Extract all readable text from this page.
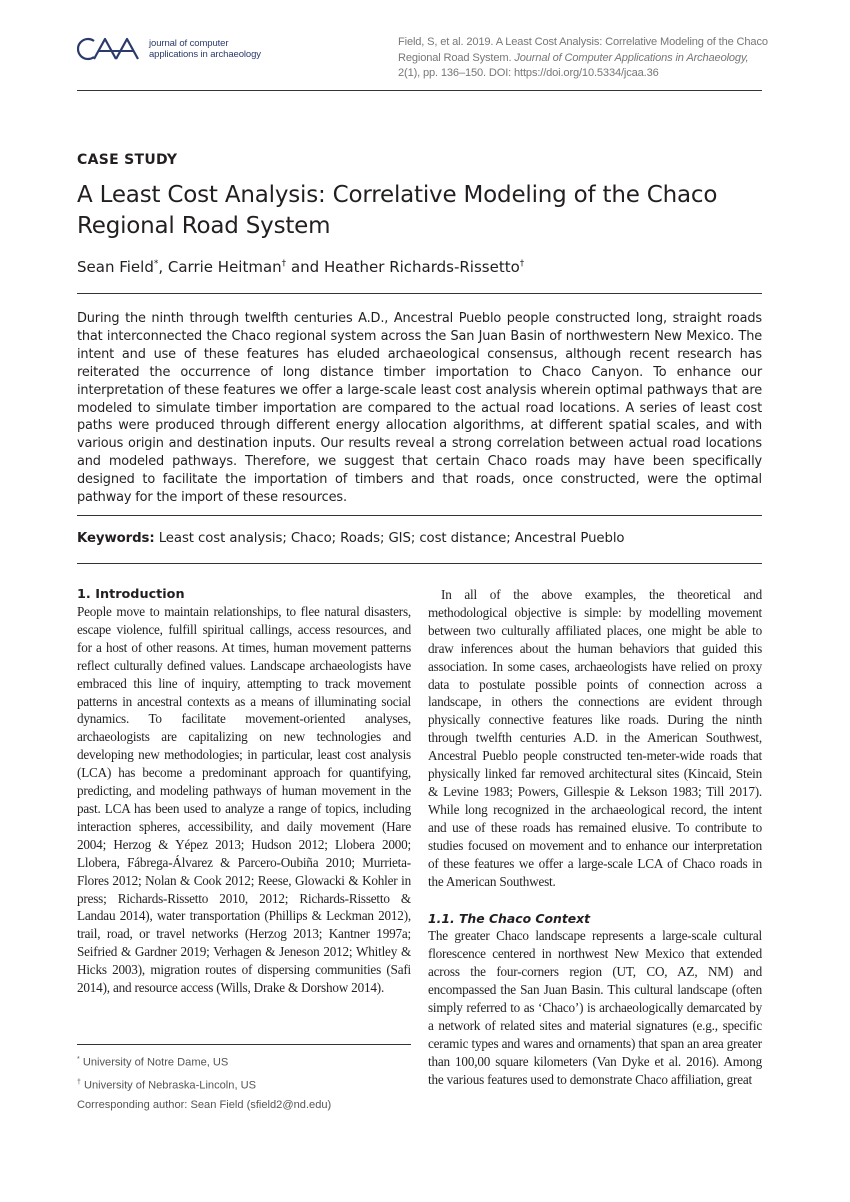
journal of computer
applications in archaeology
Field, S, et al. 2019. A Least Cost Analysis: Correlative Modeling of the Chaco Regional Road System. Journal of Computer Applications in Archaeology, 2(1), pp. 136–150. DOI: https://doi.org/10.5334/jcaa.36
CASE STUDY
A Least Cost Analysis: Correlative Modeling of the Chaco Regional Road System
Sean Field*, Carrie Heitman† and Heather Richards-Rissetto†
During the ninth through twelfth centuries A.D., Ancestral Pueblo people constructed long, straight roads that interconnected the Chaco regional system across the San Juan Basin of northwestern New Mexico. The intent and use of these features has eluded archaeological consensus, although recent research has reiterated the occurrence of long distance timber importation to Chaco Canyon. To enhance our interpretation of these features we offer a large-scale least cost analysis wherein optimal pathways that are modeled to simulate timber importation are compared to the actual road locations. A series of least cost paths were produced through different energy allocation algorithms, at different spatial scales, and with various origin and destination inputs. Our results reveal a strong correlation between actual road locations and modeled pathways. Therefore, we suggest that certain Chaco roads may have been specifically designed to facilitate the importation of timbers and that roads, once constructed, were the optimal pathway for the import of these resources.
Keywords: Least cost analysis; Chaco; Roads; GIS; cost distance; Ancestral Pueblo
1. Introduction

People move to maintain relationships, to flee natural disasters, escape violence, fulfill spiritual callings, access resources, and for a host of other reasons. At times, human movement patterns reflect culturally defined values. Landscape archaeologists have embraced this line of inquiry, attempting to track movement patterns in ancestral contexts as a means of illuminating social dynamics. To facilitate movement-oriented analyses, archaeologists are capitalizing on new technologies and developing new methodologies; in particular, least cost analysis (LCA) has become a predominant approach for quantifying, predicting, and modeling pathways of human movement in the past. LCA has been used to analyze a range of topics, including interaction spheres, accessibility, and daily movement (Hare 2004; Herzog & Yépez 2013; Hudson 2012; Llobera 2000; Llobera, Fábrega-Álvarez & Parcero-Oubiña 2010; Murrieta-Flores 2012; Nolan & Cook 2012; Reese, Glowacki & Kohler in press; Richards-Rissetto 2010, 2012; Richards-Rissetto & Landau 2014), water transportation (Phillips & Leckman 2012), trail, road, or travel networks (Herzog 2013; Kantner 1997a; Seifried & Gardner 2019; Verhagen & Jeneson 2012; Whitley & Hicks 2003), migration routes of dispersing communities (Safi 2014), and resource access (Wills, Drake & Dorshow 2014).

In all of the above examples, the theoretical and methodological objective is simple: by modelling movement between two culturally affiliated places, one might be able to draw inferences about the human behaviors that guided this association. In some cases, archaeologists have relied on proxy data to postulate possible points of connection across a landscape, in others the connections are evident through physically connective features like roads. During the ninth through twelfth centuries A.D. in the American Southwest, Ancestral Pueblo people constructed ten-meter-wide roads that physically linked far removed architectural sites (Kincaid, Stein & Levine 1983; Powers, Gillespie & Lekson 1983; Till 2017). While long recognized in the archaeological record, the intent and use of these roads has remained elusive. To contribute to studies focused on movement and to enhance our interpretation of these features we offer a large-scale LCA of Chaco roads in the American Southwest.

1.1. The Chaco Context

The greater Chaco landscape represents a large-scale cultural florescence centered in northwest New Mexico that extended across the four-corners region (UT, CO, AZ, NM) and encompassed the San Juan Basin. This cultural landscape (often simply referred to as ‘Chaco’) is archaeologically demarcated by a network of related sites and material signatures (e.g., specific ceramic types and wares and ornaments) that span an area greater than 100,00 square kilometers (Van Dyke et al. 2016). Among the various features used to demonstrate Chaco affiliation, great

* University of Notre Dame, US
† University of Nebraska-Lincoln, US
Corresponding author: Sean Field (sfield2@nd.edu)
